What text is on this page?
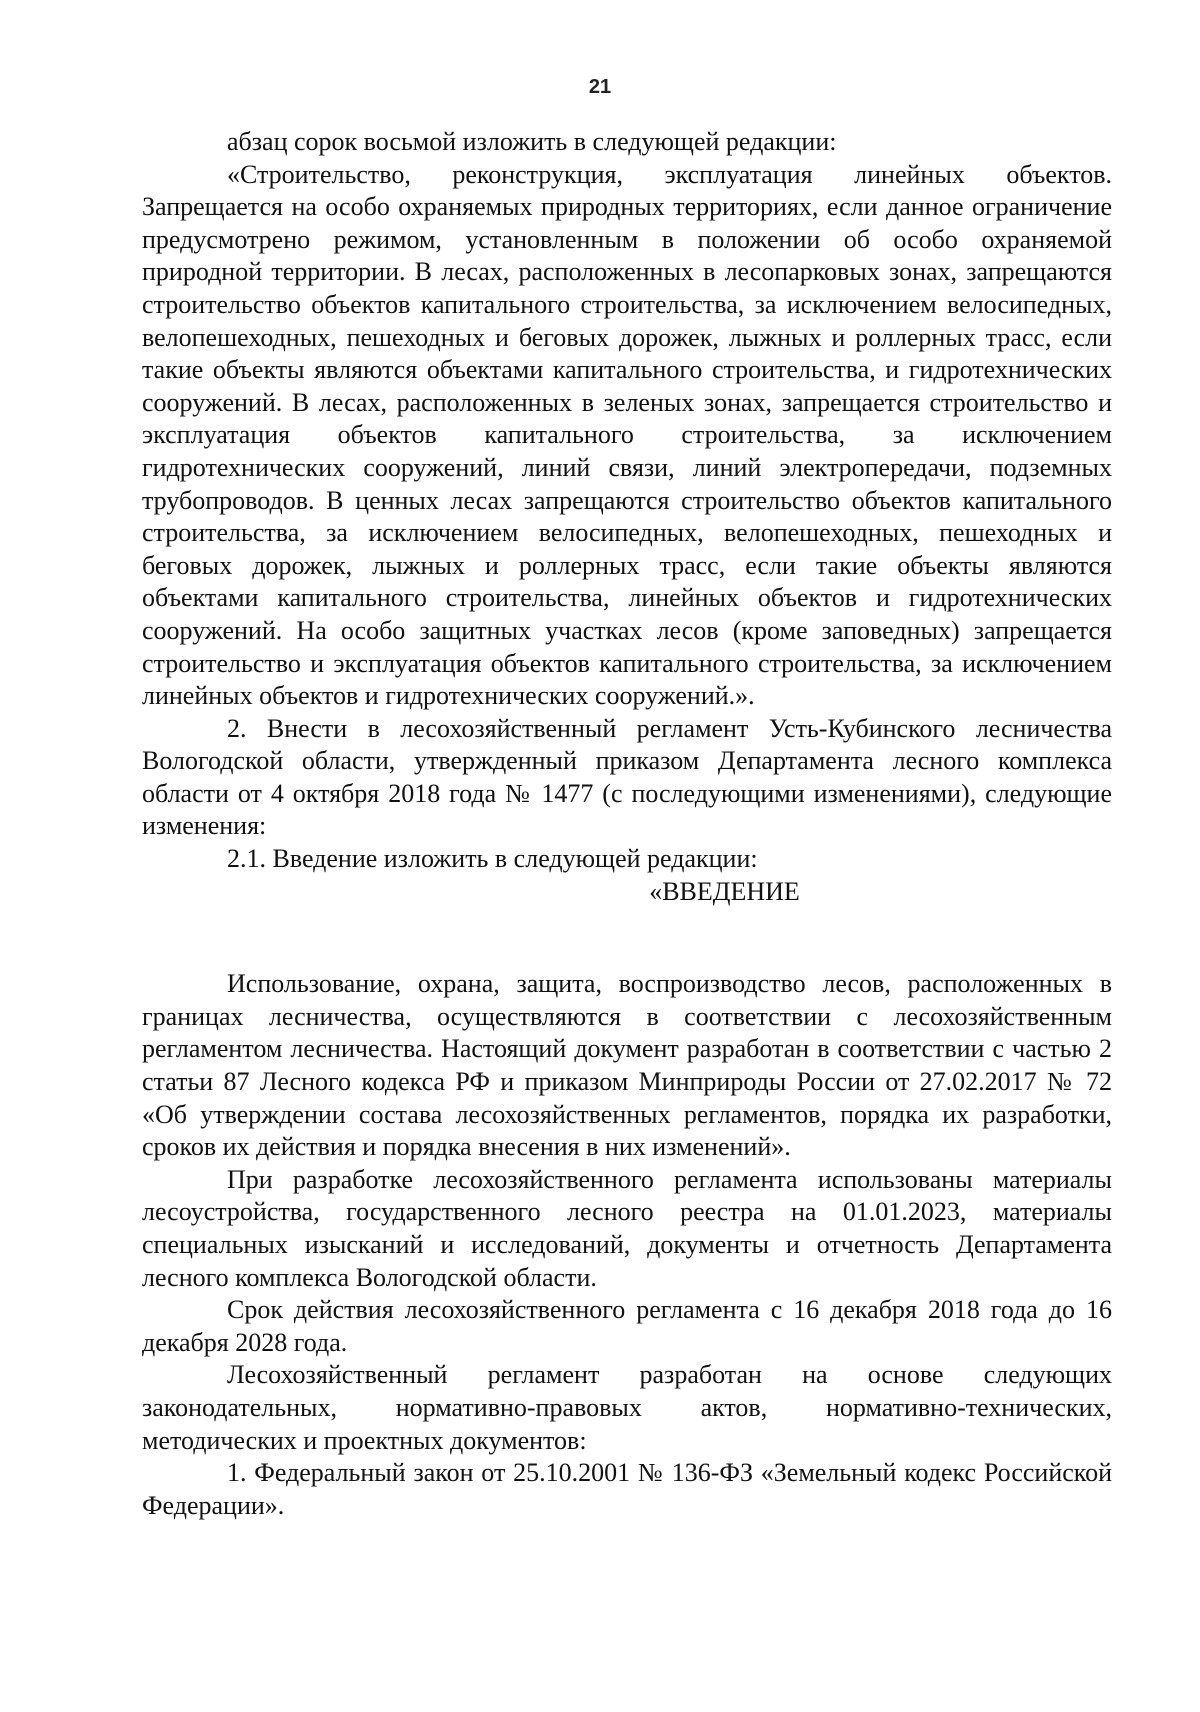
21

абзац сорок восьмой изложить в следующей редакции:

«Строительство, реконструкция, эксплуатация линейных объектов. Запрещается на особо охраняемых природных территориях, если данное ограничение предусмотрено режимом, установленным в положении об особо охраняемой природной территории. В лесах, расположенных в лесопарковых зонах, запрещаются строительство объектов капитального строительства, за исключением велосипедных, велопешеходных, пешеходных и беговых дорожек, лыжных и роллерных трасс, если такие объекты являются объектами капитального строительства, и гидротехнических сооружений. В лесах, расположенных в зеленых зонах, запрещается строительство и эксплуатация объектов капитального строительства, за исключением гидротехнических сооружений, линий связи, линий электропередачи, подземных трубопроводов. В ценных лесах запрещаются строительство объектов капитального строительства, за исключением велосипедных, велопешеходных, пешеходных и беговых дорожек, лыжных и роллерных трасс, если такие объекты являются объектами капитального строительства, линейных объектов и гидротехнических сооружений. На особо защитных участках лесов (кроме заповедных) запрещается строительство и эксплуатация объектов капитального строительства, за исключением линейных объектов и гидротехнических сооружений.».

2. Внести в лесохозяйственный регламент Усть-Кубинского лесничества Вологодской области, утвержденный приказом Департамента лесного комплекса области от 4 октября 2018 года № 1477 (с последующими изменениями), следующие изменения:

2.1. Введение изложить в следующей редакции:

«ВВЕДЕНИЕ

Использование, охрана, защита, воспроизводство лесов, расположенных в границах лесничества, осуществляются в соответствии с лесохозяйственным регламентом лесничества. Настоящий документ разработан в соответствии с частью 2 статьи 87 Лесного кодекса РФ и приказом Минприроды России от 27.02.2017 № 72 «Об утверждении состава лесохозяйственных регламентов, порядка их разработки, сроков их действия и порядка внесения в них изменений».

При разработке лесохозяйственного регламента использованы материалы лесоустройства, государственного лесного реестра на 01.01.2023, материалы специальных изысканий и исследований, документы и отчетность Департамента лесного комплекса Вологодской области.

Срок действия лесохозяйственного регламента с 16 декабря 2018 года до 16 декабря 2028 года.

Лесохозяйственный регламент разработан на основе следующих законодательных, нормативно-правовых актов, нормативно-технических, методических и проектных документов:

1. Федеральный закон от 25.10.2001 № 136-ФЗ «Земельный кодекс Российской Федерации».
